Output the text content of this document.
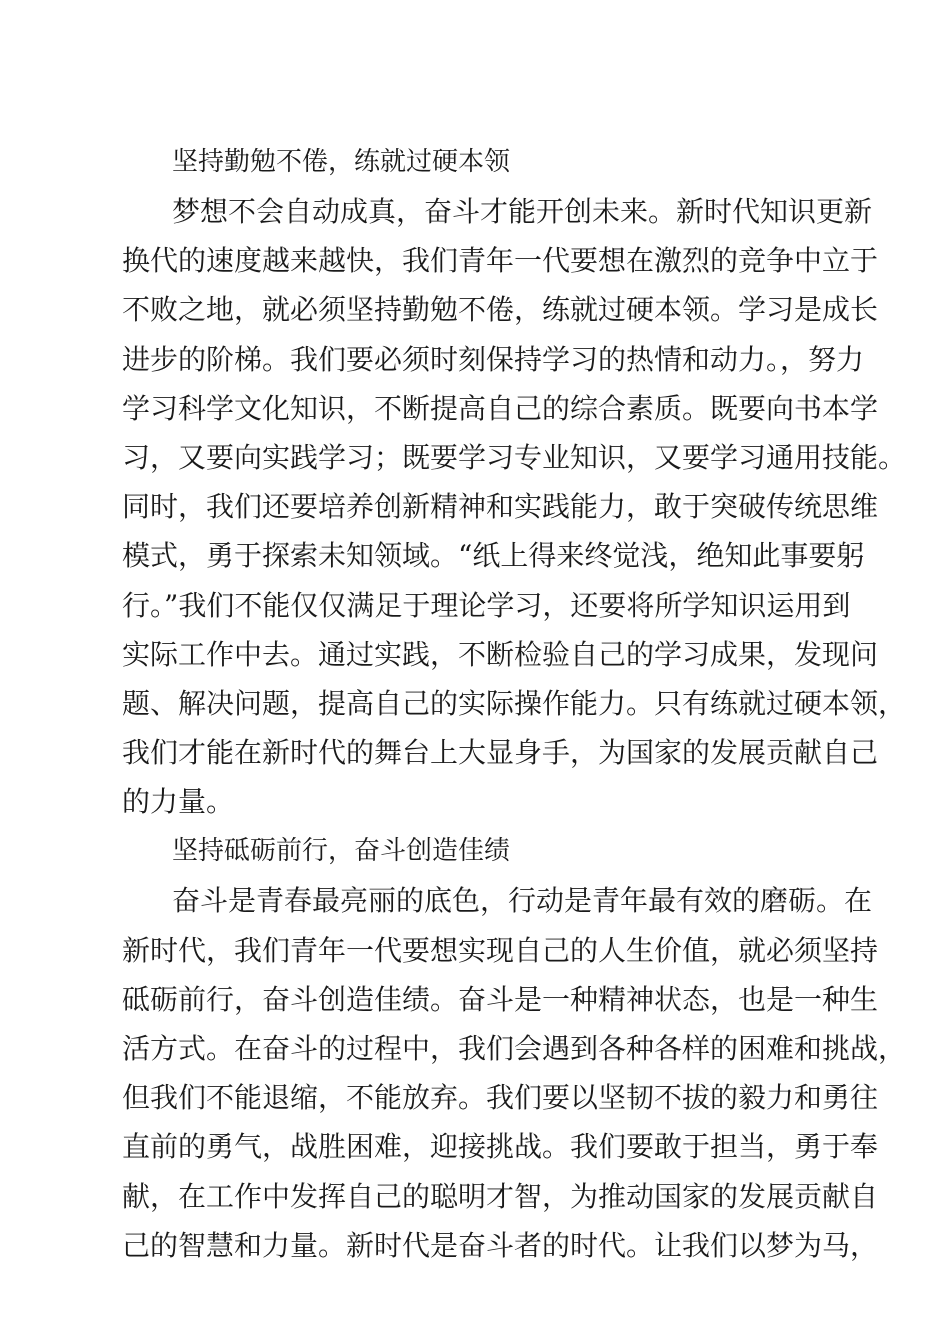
坚持勤勉不倦，练就过硬本领

梦想不会自动成真，奋斗才能开创未来。新时代知识更新

换代的速度越来越快，我们青年一代要想在激烈的竞争中立于

不败之地，就必须坚持勤勉不倦，练就过硬本领。学习是成长

进步的阶梯。我们要必须时刻保持学习的热情和动力。，努力

学习科学文化知识，不断提高自己的综合素质。既要向书本学

习，又要向实践学习；既要学习专业知识，又要学习通用技能。

同时，我们还要培养创新精神和实践能力，敢于突破传统思维

模式，勇于探索未知领域。“纸上得来终觉浅，绝知此事要躬

行。”我们不能仅仅满足于理论学习，还要将所学知识运用到

实际工作中去。通过实践，不断检验自己的学习成果，发现问

题、解决问题，提高自己的实际操作能力。只有练就过硬本领，

我们才能在新时代的舞台上大显身手，为国家的发展贡献自己

的力量。

坚持砥砺前行，奋斗创造佳绩

奋斗是青春最亮丽的底色，行动是青年最有效的磨砺。在

新时代，我们青年一代要想实现自己的人生价值，就必须坚持

砥砺前行，奋斗创造佳绩。奋斗是一种精神状态，也是一种生

活方式。在奋斗的过程中，我们会遇到各种各样的困难和挑战，

但我们不能退缩，不能放弃。我们要以坚韧不拔的毅力和勇往

直前的勇气，战胜困难，迎接挑战。我们要敢于担当，勇于奉

献，在工作中发挥自己的聪明才智，为推动国家的发展贡献自

己的智慧和力量。新时代是奋斗者的时代。让我们以梦为马，
